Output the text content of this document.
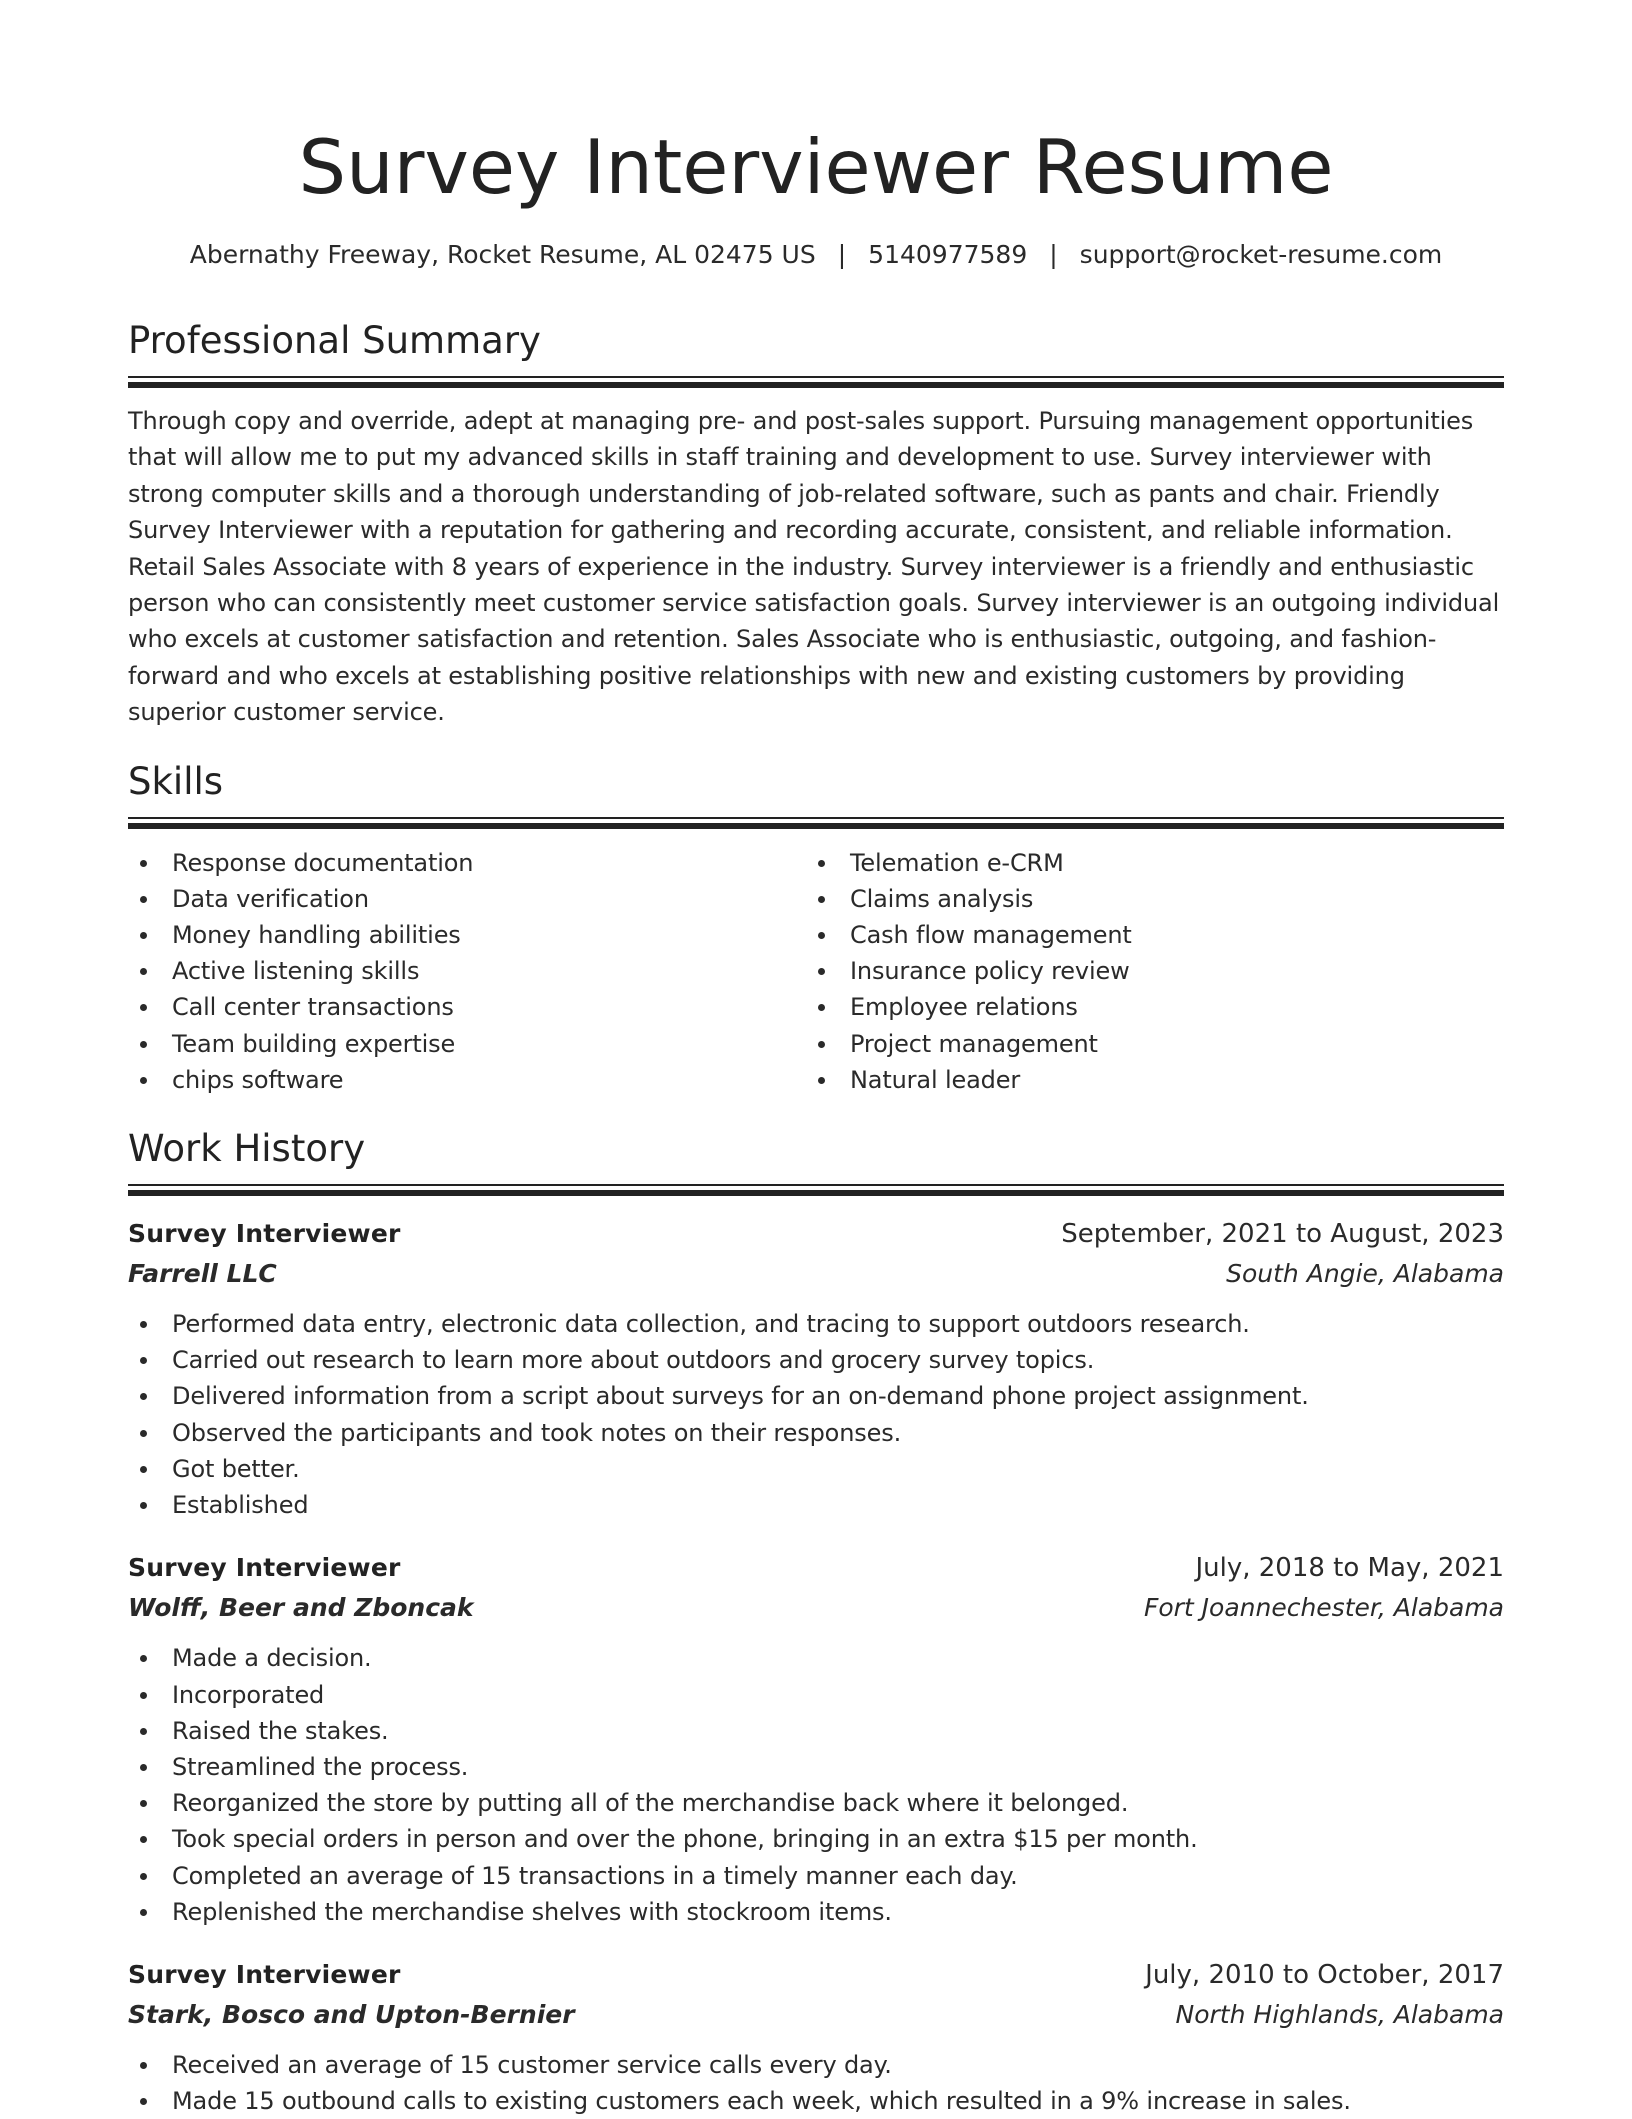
Survey Interviewer Resume
Abernathy Freeway, Rocket Resume, AL 02475 US | 5140977589 | support@rocket-resume.com
Professional Summary

Through copy and override, adept at managing pre- and post-sales support. Pursuing management opportunities that will allow me to put my advanced skills in staff training and development to use. Survey interviewer with strong computer skills and a thorough understanding of job-related software, such as pants and chair. Friendly Survey Interviewer with a reputation for gathering and recording accurate, consistent, and reliable information. Retail Sales Associate with 8 years of experience in the industry. Survey interviewer is a friendly and enthusiastic person who can consistently meet customer service satisfaction goals. Survey interviewer is an outgoing individual who excels at customer satisfaction and retention. Sales Associate who is enthusiastic, outgoing, and fashion-forward and who excels at establishing positive relationships with new and existing customers by providing superior customer service.

Skills
Response documentation
Data verification
Money handling abilities
Active listening skills
Call center transactions
Team building expertise
chips software
Telemation e-CRM
Claims analysis
Cash flow management
Insurance policy review
Employee relations
Project management
Natural leader
Work History
Survey Interviewer	September, 2021 to August, 2023
Farrell LLC	South Angie, Alabama
Performed data entry, electronic data collection, and tracing to support outdoors research.
Carried out research to learn more about outdoors and grocery survey topics.
Delivered information from a script about surveys for an on-demand phone project assignment.
Observed the participants and took notes on their responses.
Got better.
Established
Survey Interviewer	July, 2018 to May, 2021
Wolff, Beer and Zboncak	Fort Joannechester, Alabama
Made a decision.
Incorporated
Raised the stakes.
Streamlined the process.
Reorganized the store by putting all of the merchandise back where it belonged.
Took special orders in person and over the phone, bringing in an extra $15 per month.
Completed an average of 15 transactions in a timely manner each day.
Replenished the merchandise shelves with stockroom items.
Survey Interviewer	July, 2010 to October, 2017
Stark, Bosco and Upton-Bernier	North Highlands, Alabama
Received an average of 15 customer service calls every day.
Made 15 outbound calls to existing customers each week, which resulted in a 9% increase in sales.
